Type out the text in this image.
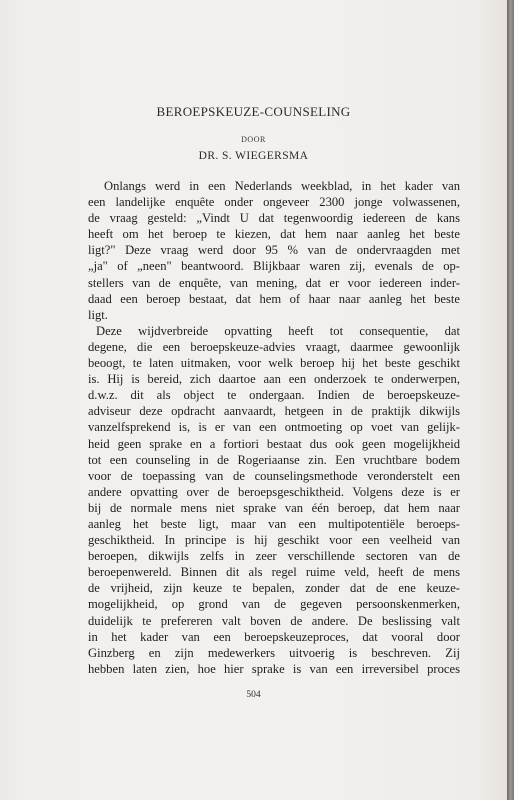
BEROEPSKEUZE-COUNSELING
DOOR
DR. S. WIEGERSMA
Onlangs werd in een Nederlands weekblad, in het kader van
een landelijke enquête onder ongeveer 2300 jonge volwassenen,
de vraag gesteld: „Vindt U dat tegenwoordig iedereen de kans
heeft om het beroep te kiezen, dat hem naar aanleg het beste
ligt?" Deze vraag werd door 95 % van de ondervraagden met
„ja" of „neen" beantwoord. Blijkbaar waren zij, evenals de op-
stellers van de enquête, van mening, dat er voor iedereen inder-
daad een beroep bestaat, dat hem of haar naar aanleg het beste
ligt.
Deze wijdverbreide opvatting heeft tot consequentie, dat
degene, die een beroepskeuze-advies vraagt, daarmee gewoonlijk
beoogt, te laten uitmaken, voor welk beroep hij het beste geschikt
is. Hij is bereid, zich daartoe aan een onderzoek te onderwerpen,
d.w.z. dit als object te ondergaan. Indien de beroepskeuze-
adviseur deze opdracht aanvaardt, hetgeen in de praktijk dikwijls
vanzelfsprekend is, is er van een ontmoeting op voet van gelijk-
heid geen sprake en a fortiori bestaat dus ook geen mogelijkheid
tot een counseling in de Rogeriaanse zin. Een vruchtbare bodem
voor de toepassing van de counselingsmethode veronderstelt een
andere opvatting over de beroepsgeschiktheid. Volgens deze is er
bij de normale mens niet sprake van één beroep, dat hem naar
aanleg het beste ligt, maar van een multipotentiële beroeps-
geschiktheid. In principe is hij geschikt voor een veelheid van
beroepen, dikwijls zelfs in zeer verschillende sectoren van de
beroepenwereld. Binnen dit als regel ruime veld, heeft de mens
de vrijheid, zijn keuze te bepalen, zonder dat de ene keuze-
mogelijkheid, op grond van de gegeven persoonskenmerken,
duidelijk te prefereren valt boven de andere. De beslissing valt
in het kader van een beroepskeuzeproces, dat vooral door
Ginzberg en zijn medewerkers uitvoerig is beschreven. Zij
hebben laten zien, hoe hier sprake is van een irreversibel proces
504
